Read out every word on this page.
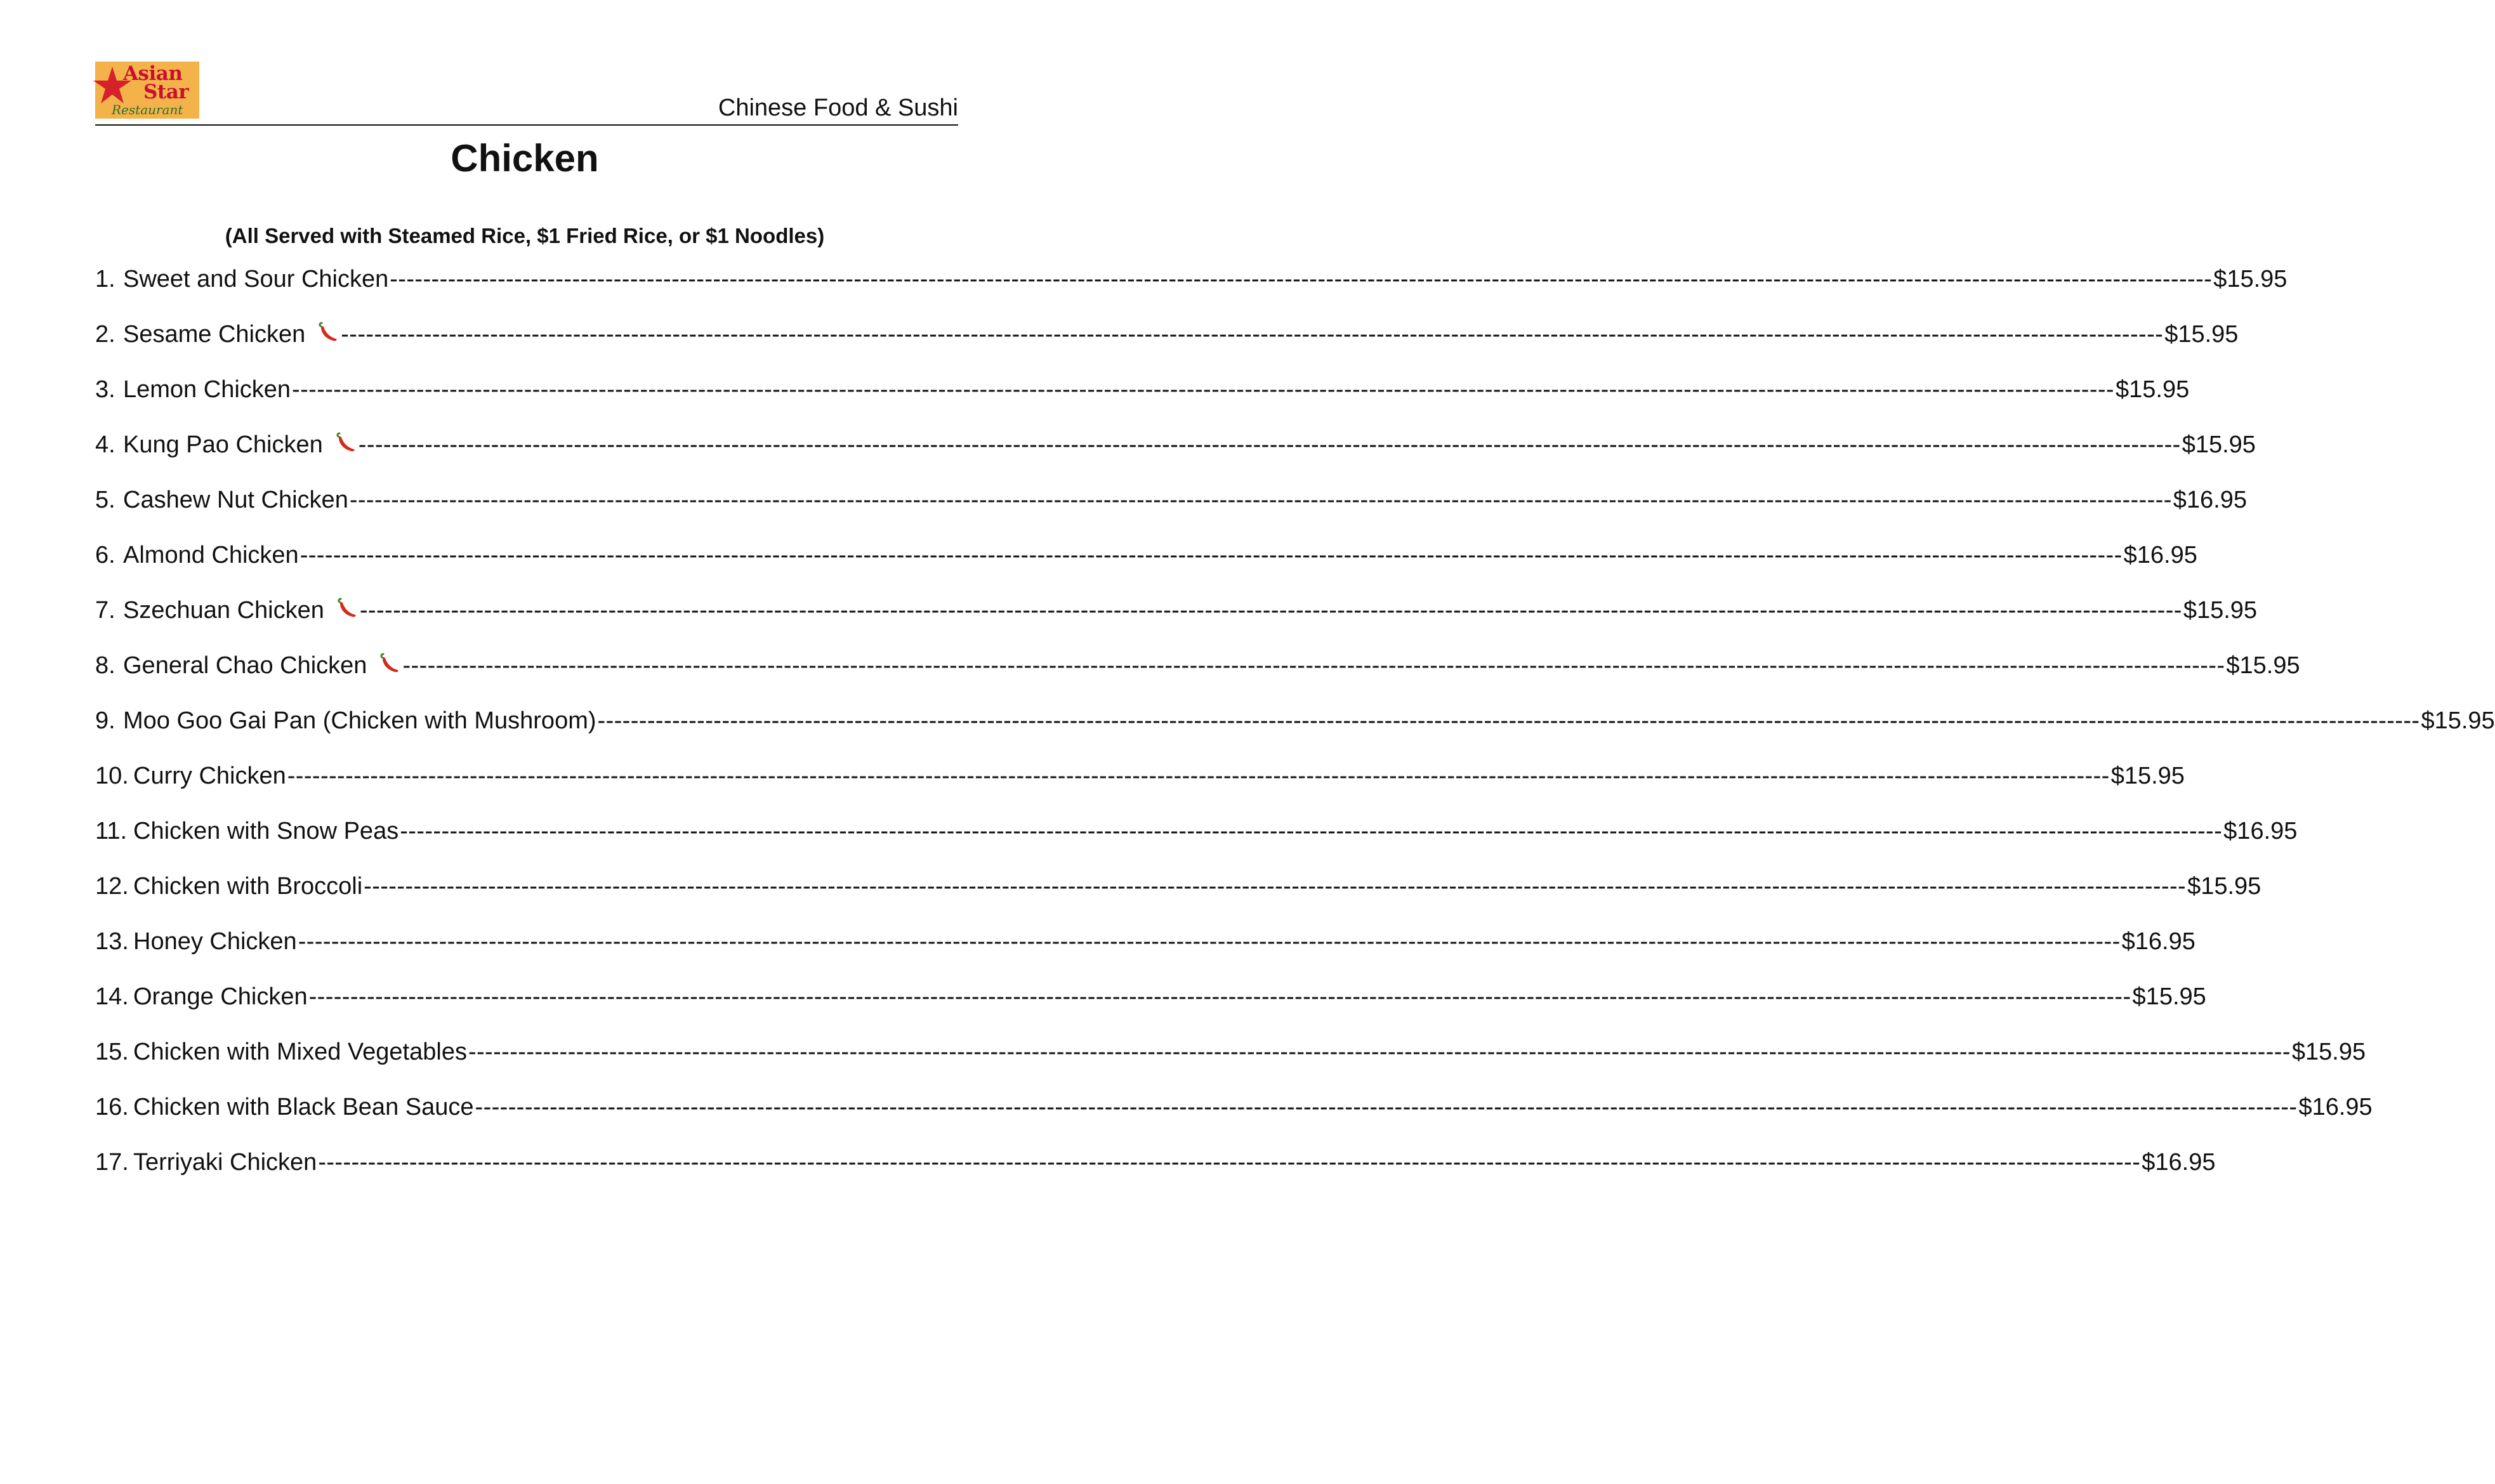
Asian
Star
Restaurant	Chinese Food & Sushi
Chicken
(All Served with Steamed Rice, $1 Fried Rice, or $1 Noodles)
1. Sweet and Sour Chicken ---------------------------------------------------------------------------------------------------------------------------------------------------------------------------------------------------------------------------- $15.95
2. Sesame Chicken ---------------------------------------------------------------------------------------------------------------------------------------------------------------------------------------------------------------------------- $15.95
3. Lemon Chicken ---------------------------------------------------------------------------------------------------------------------------------------------------------------------------------------------------------------------------- $15.95
4. Kung Pao Chicken ---------------------------------------------------------------------------------------------------------------------------------------------------------------------------------------------------------------------------- $15.95
5. Cashew Nut Chicken ---------------------------------------------------------------------------------------------------------------------------------------------------------------------------------------------------------------------------- $16.95
6. Almond Chicken ---------------------------------------------------------------------------------------------------------------------------------------------------------------------------------------------------------------------------- $16.95
7. Szechuan Chicken ---------------------------------------------------------------------------------------------------------------------------------------------------------------------------------------------------------------------------- $15.95
8. General Chao Chicken ---------------------------------------------------------------------------------------------------------------------------------------------------------------------------------------------------------------------------- $15.95
9. Moo Goo Gai Pan (Chicken with Mushroom) ---------------------------------------------------------------------------------------------------------------------------------------------------------------------------------------------------------------------------- $15.95
10. Curry Chicken ---------------------------------------------------------------------------------------------------------------------------------------------------------------------------------------------------------------------------- $15.95
11. Chicken with Snow Peas ---------------------------------------------------------------------------------------------------------------------------------------------------------------------------------------------------------------------------- $16.95
12. Chicken with Broccoli ---------------------------------------------------------------------------------------------------------------------------------------------------------------------------------------------------------------------------- $15.95
13. Honey Chicken ---------------------------------------------------------------------------------------------------------------------------------------------------------------------------------------------------------------------------- $16.95
14. Orange Chicken ---------------------------------------------------------------------------------------------------------------------------------------------------------------------------------------------------------------------------- $15.95
15. Chicken with Mixed Vegetables ---------------------------------------------------------------------------------------------------------------------------------------------------------------------------------------------------------------------------- $15.95
16. Chicken with Black Bean Sauce ---------------------------------------------------------------------------------------------------------------------------------------------------------------------------------------------------------------------------- $16.95
17. Terriyaki Chicken ---------------------------------------------------------------------------------------------------------------------------------------------------------------------------------------------------------------------------- $16.95
